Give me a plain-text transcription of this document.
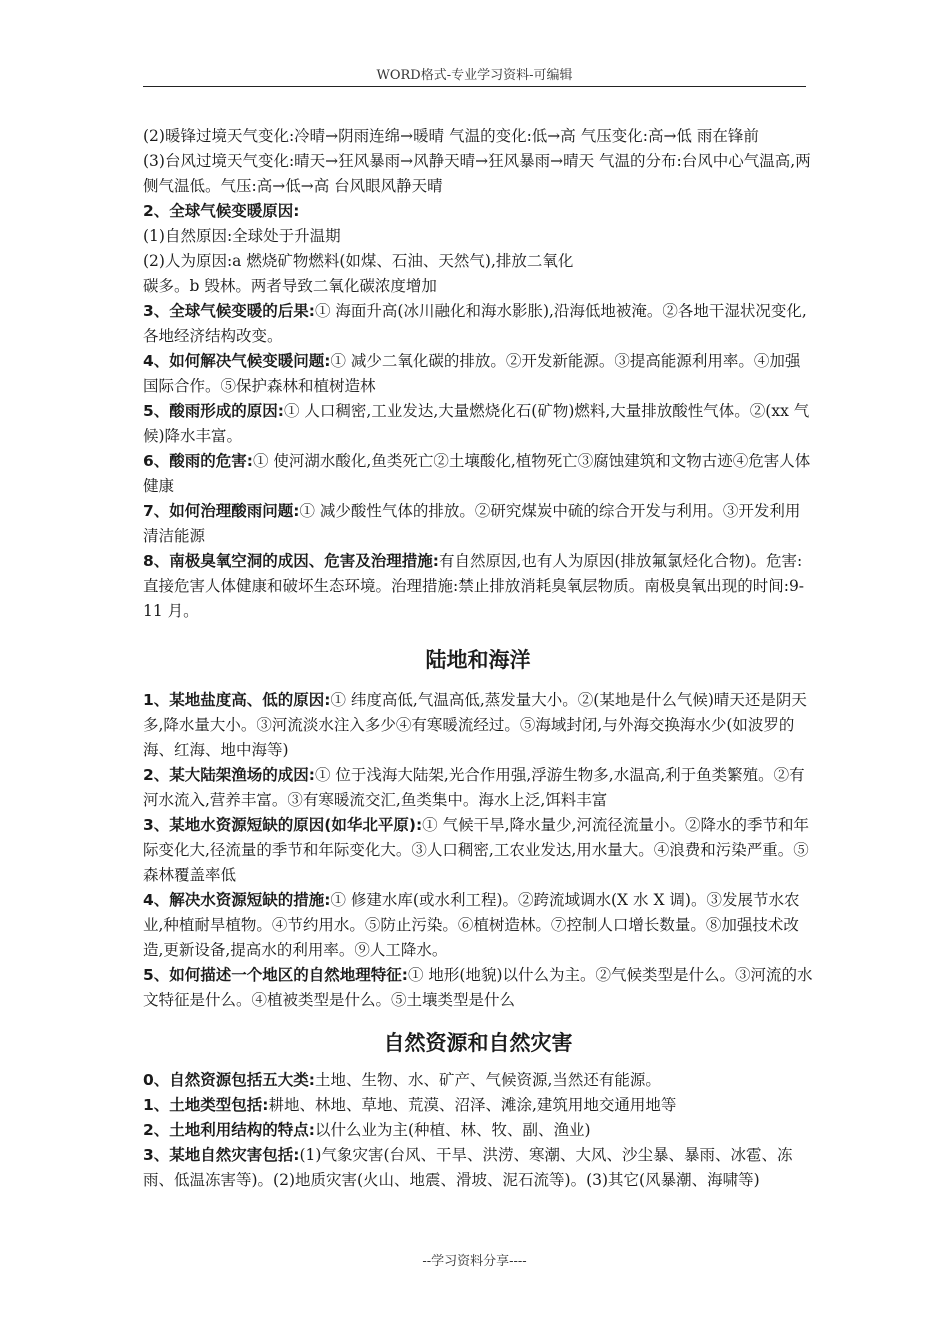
WORD格式-专业学习资料-可编辑

(2)暖锋过境天气变化:冷晴→阴雨连绵→暖晴 气温的变化:低→高 气压变化:高→低 雨在锋前

(3)台风过境天气变化:晴天→狂风暴雨→风静天晴→狂风暴雨→晴天 气温的分布:台风中心气温高,两侧气温低。气压:高→低→高 台风眼风静天晴

2、全球气候变暖原因:

(1)自然原因:全球处于升温期

(2)人为原因:a 燃烧矿物燃料(如煤、石油、天然气),排放二氧化

碳多。b 毁林。两者导致二氧化碳浓度增加

3、全球气候变暖的后果:① 海面升高(冰川融化和海水影胀),沿海低地被淹。②各地干湿状况变化,各地经济结构改变。

4、如何解决气候变暖问题:① 减少二氧化碳的排放。②开发新能源。③提高能源利用率。④加强国际合作。⑤保护森林和植树造林

5、酸雨形成的原因:① 人口稠密,工业发达,大量燃烧化石(矿物)燃料,大量排放酸性气体。②(xx 气候)降水丰富。

6、酸雨的危害:① 使河湖水酸化,鱼类死亡②土壤酸化,植物死亡③腐蚀建筑和文物古迹④危害人体健康

7、如何治理酸雨问题:① 减少酸性气体的排放。②研究煤炭中硫的综合开发与利用。③开发利用清洁能源

8、南极臭氧空洞的成因、危害及治理措施:有自然原因,也有人为原因(排放氟氯烃化合物)。危害:直接危害人体健康和破坏生态环境。治理措施:禁止排放消耗臭氧层物质。南极臭氧出现的时间:9-11 月。

陆地和海洋

1、某地盐度高、低的原因:① 纬度高低,气温高低,蒸发量大小。②(某地是什么气候)晴天还是阴天多,降水量大小。③河流淡水注入多少④有寒暖流经过。⑤海域封闭,与外海交换海水少(如波罗的海、红海、地中海等)

2、某大陆架渔场的成因:① 位于浅海大陆架,光合作用强,浮游生物多,水温高,利于鱼类繁殖。②有河水流入,营养丰富。③有寒暖流交汇,鱼类集中。海水上泛,饵料丰富

3、某地水资源短缺的原因(如华北平原):① 气候干旱,降水量少,河流径流量小。②降水的季节和年际变化大,径流量的季节和年际变化大。③人口稠密,工农业发达,用水量大。④浪费和污染严重。⑤森林覆盖率低

4、解决水资源短缺的措施:① 修建水库(或水利工程)。②跨流域调水(X 水 X 调)。③发展节水农业,种植耐旱植物。④节约用水。⑤防止污染。⑥植树造林。⑦控制人口增长数量。⑧加强技术改造,更新设备,提高水的利用率。⑨人工降水。

5、如何描述一个地区的自然地理特征:① 地形(地貌)以什么为主。②气候类型是什么。③河流的水文特征是什么。④植被类型是什么。⑤土壤类型是什么

自然资源和自然灾害

0、自然资源包括五大类:土地、生物、水、矿产、气候资源,当然还有能源。

1、土地类型包括:耕地、林地、草地、荒漠、沼泽、滩涂,建筑用地交通用地等

2、土地利用结构的特点:以什么业为主(种植、林、牧、副、渔业)

3、某地自然灾害包括:(1)气象灾害(台风、干旱、洪涝、寒潮、大风、沙尘暴、暴雨、冰雹、冻雨、低温冻害等)。(2)地质灾害(火山、地震、滑坡、泥石流等)。(3)其它(风暴潮、海啸等)

--学习资料分享----
